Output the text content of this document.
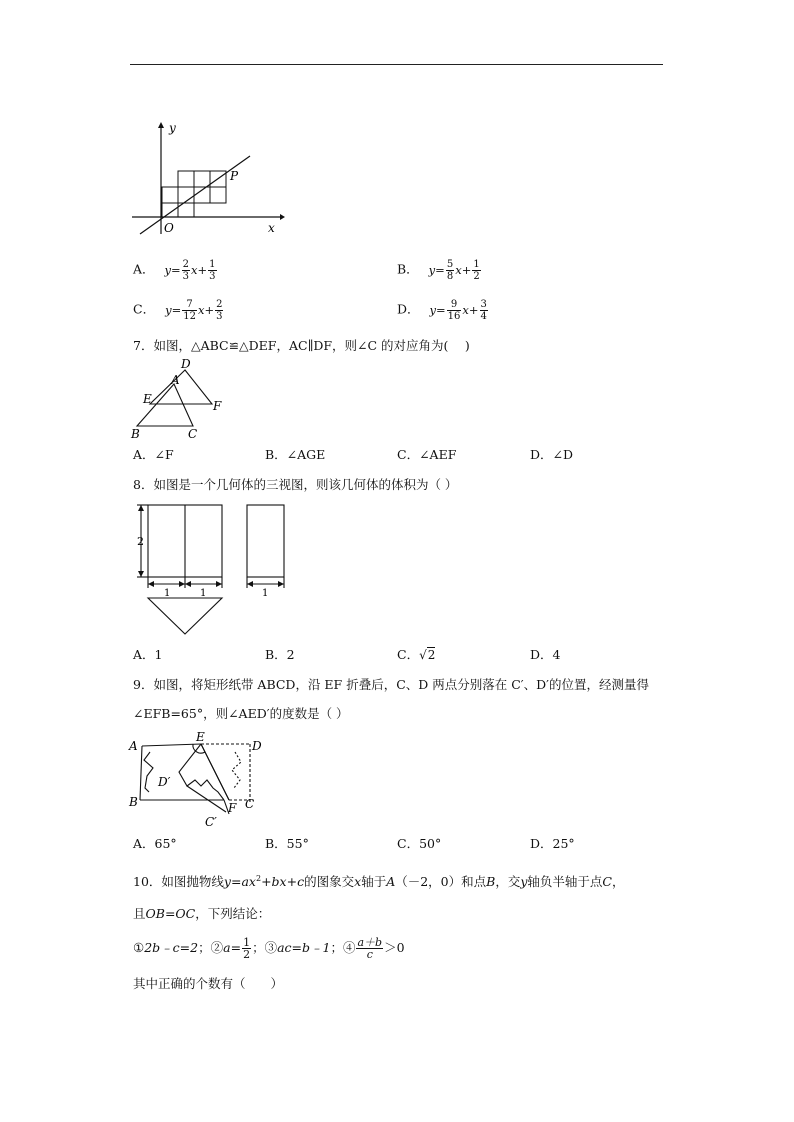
y
x
O
P
A． $y= \frac{2}{3} x+ \frac{1}{3}$	B． $y= \frac{5}{8} x+ \frac{1}{2}$
C． $y= \frac{7}{12} x+ \frac{2}{3}$	D． $y= \frac{9}{16} x+ \frac{3}{4}$
7．如图，△ABC≌△DEF，AC∥DF，则∠C 的对应角为(　 )
D
A
E	F
B	C
A．∠F	B．∠AGE	C．∠AEF	D．∠D
8．如图是一个几何体的三视图，则该几何体的体积为（ ）
2
1	1	1
A．1	B．2	C．√2	D．4
9．如图，将矩形纸带 ABCD，沿 EF 折叠后，C、D 两点分别落在 C′、D′的位置，经测量得
∠EFB=65°，则∠AED′的度数是（ ）
A
E
D
D′
B	F C
C′
A．65°	B．55°	C．50°	D．25°
10．如图抛物线$y=ax^2+bx+c$的图象交x轴于A（－2，0）和点B，交y轴负半轴于点C，
且OB=OC，下列结论：
①2b﹣c=2；②a= $\frac{1}{2}$ ；③ac=b﹣1；④ $\frac{a+b}{c} >0$
其中正确的个数有（　　）
